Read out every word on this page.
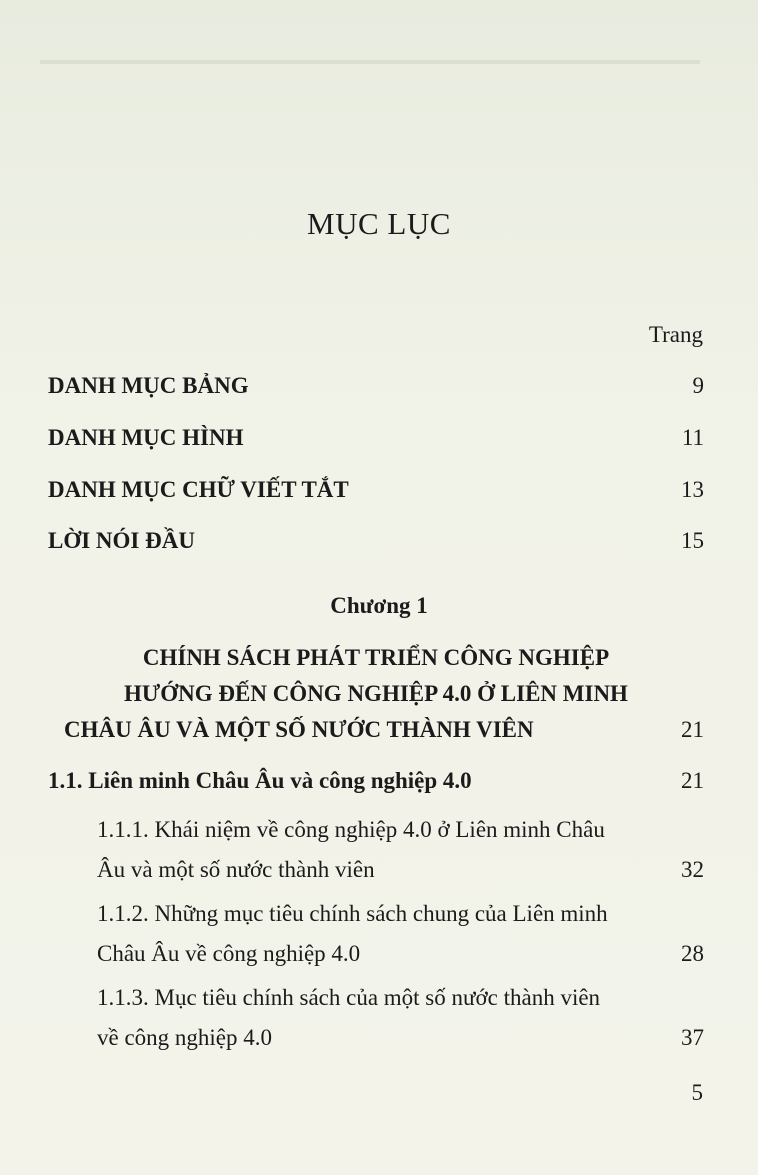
MỤC LỤC
Trang
DANH MỤC BẢNG	9
DANH MỤC HÌNH	11
DANH MỤC CHỮ VIẾT TẮT	13
LỜI NÓI ĐẦU	15
Chương 1
CHÍNH SÁCH PHÁT TRIỂN CÔNG NGHIỆP
HƯỚNG ĐẾN CÔNG NGHIỆP 4.0 Ở LIÊN MINH
CHÂU ÂU VÀ MỘT SỐ NƯỚC THÀNH VIÊN	21
1.1. Liên minh Châu Âu và công nghiệp 4.0	21
1.1.1. Khái niệm về công nghiệp 4.0 ở Liên minh Châu Âu và một số nước thành viên	32
1.1.2. Những mục tiêu chính sách chung của Liên minh Châu Âu về công nghiệp 4.0	28
1.1.3. Mục tiêu chính sách của một số nước thành viên về công nghiệp 4.0	37
5
